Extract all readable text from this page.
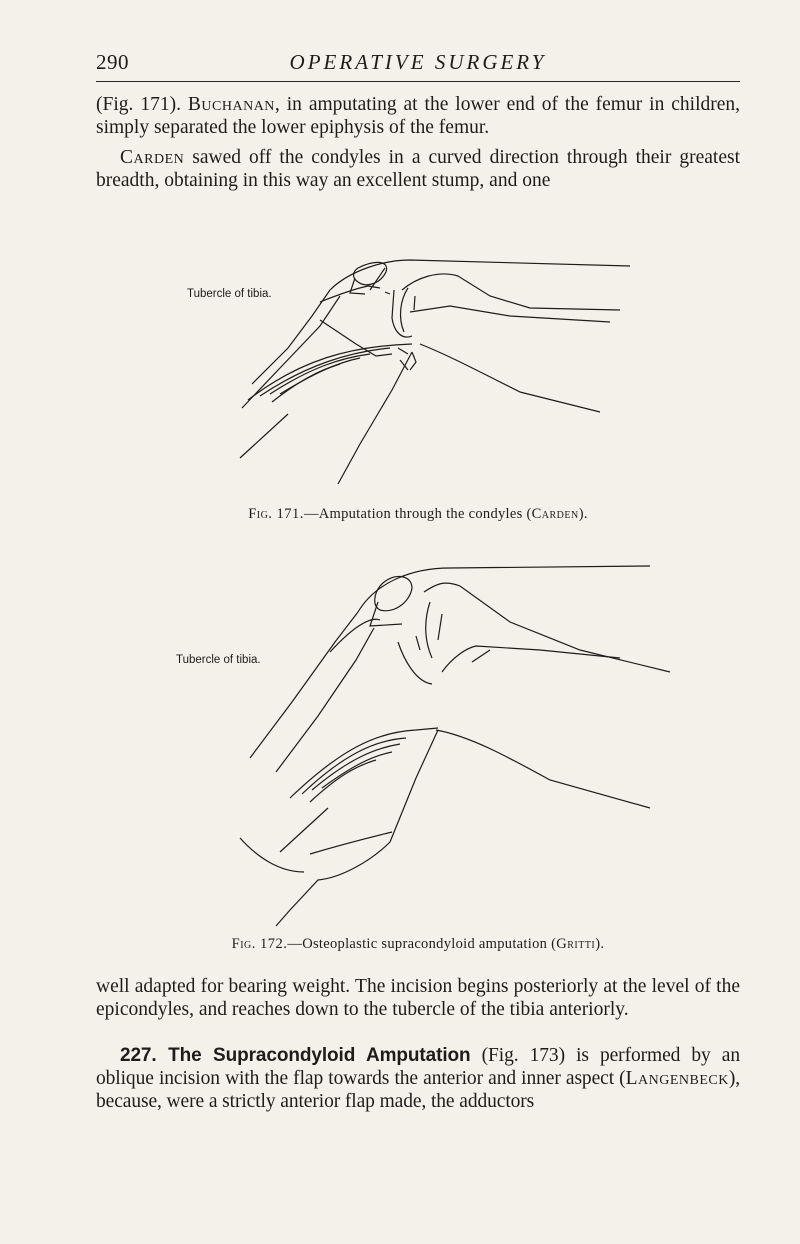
290	OPERATIVE SURGERY

(Fig. 171). Buchanan, in amputating at the lower end of the femur in children, simply separated the lower epiphysis of the femur.

Carden sawed off the condyles in a curved direction through their greatest breadth, obtaining in this way an excellent stump, and one

Tubercle of tibia.
Fig. 171.—Amputation through the condyles (Carden).
Tubercle of tibia.
Fig. 172.—Osteoplastic supracondyloid amputation (Gritti).

well adapted for bearing weight. The incision begins posteriorly at the level of the epicondyles, and reaches down to the tubercle of the tibia anteriorly.

227. The Supracondyloid Amputation (Fig. 173) is performed by an oblique incision with the flap towards the anterior and inner aspect (Langenbeck), because, were a strictly anterior flap made, the adductors
